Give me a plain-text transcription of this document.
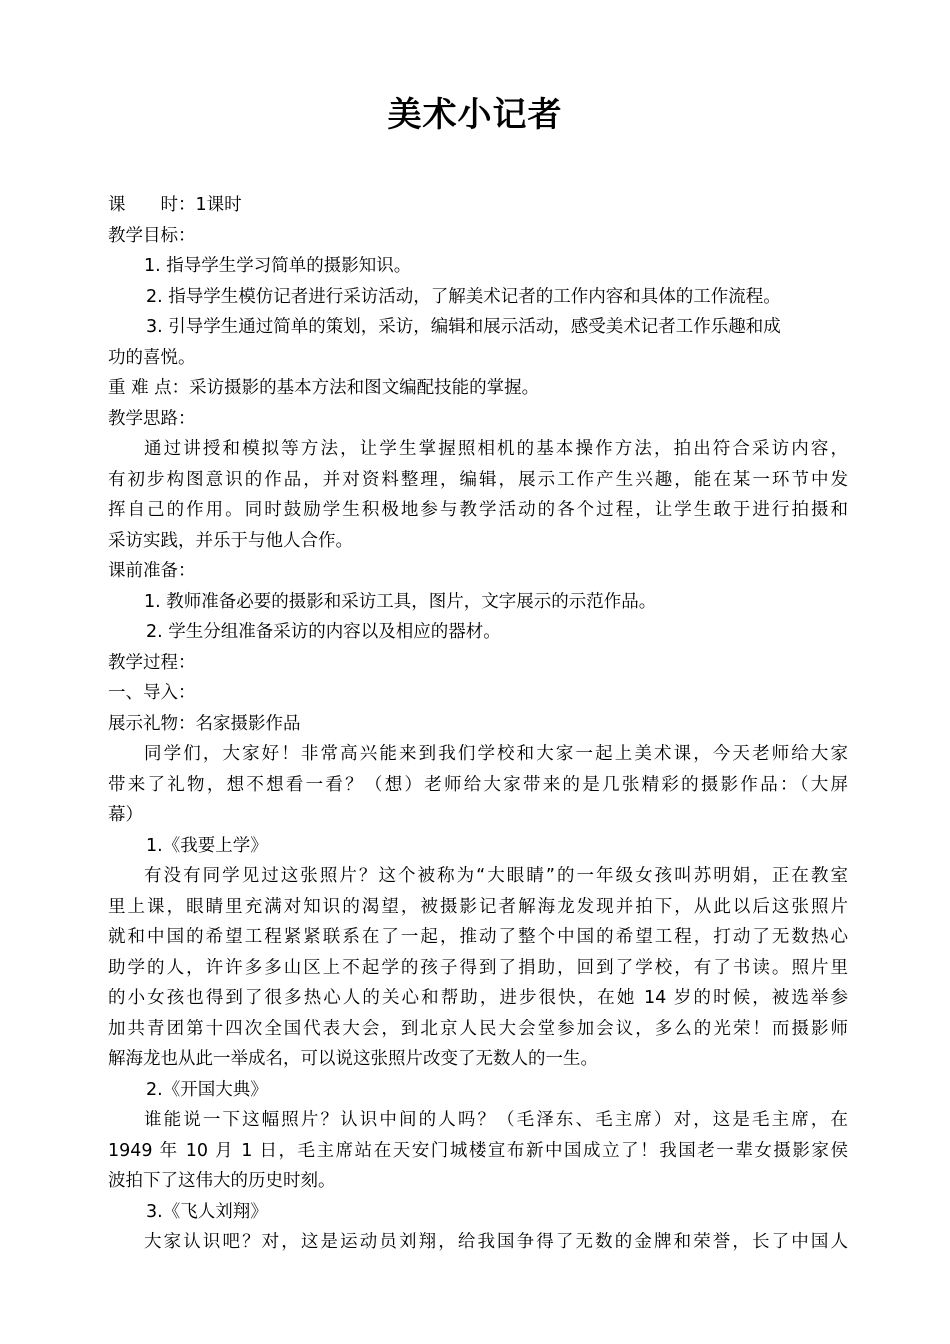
美术小记者
课　　时：1课时
教学目标：
1. 指导学生学习简单的摄影知识。
2. 指导学生模仿记者进行采访活动，了解美术记者的工作内容和具体的工作流程。
3. 引导学生通过简单的策划，采访，编辑和展示活动，感受美术记者工作乐趣和成
功的喜悦。
重 难 点：采访摄影的基本方法和图文编配技能的掌握。
教学思路：
通过讲授和模拟等方法，让学生掌握照相机的基本操作方法，拍出符合采访内容，
有初步构图意识的作品，并对资料整理，编辑，展示工作产生兴趣，能在某一环节中发
挥自己的作用。同时鼓励学生积极地参与教学活动的各个过程，让学生敢于进行拍摄和
采访实践，并乐于与他人合作。
课前准备：
1. 教师准备必要的摄影和采访工具，图片，文字展示的示范作品。
2. 学生分组准备采访的内容以及相应的器材。
教学过程：
一、导入：
展示礼物：名家摄影作品
同学们，大家好！非常高兴能来到我们学校和大家一起上美术课，今天老师给大家
带来了礼物，想不想看一看？（想）老师给大家带来的是几张精彩的摄影作品：（大屏
幕）
1.《我要上学》
有没有同学见过这张照片？这个被称为“大眼睛”的一年级女孩叫苏明娟，正在教室
里上课，眼睛里充满对知识的渴望，被摄影记者解海龙发现并拍下，从此以后这张照片
就和中国的希望工程紧紧联系在了一起，推动了整个中国的希望工程，打动了无数热心
助学的人，许许多多山区上不起学的孩子得到了捐助，回到了学校，有了书读。照片里
的小女孩也得到了很多热心人的关心和帮助，进步很快，在她 14 岁的时候，被选举参
加共青团第十四次全国代表大会，到北京人民大会堂参加会议，多么的光荣！而摄影师
解海龙也从此一举成名，可以说这张照片改变了无数人的一生。
2.《开国大典》
谁能说一下这幅照片？认识中间的人吗？（毛泽东、毛主席）对，这是毛主席，在
1949 年 10 月 1 日，毛主席站在天安门城楼宣布新中国成立了！我国老一辈女摄影家侯
波拍下了这伟大的历史时刻。
3.《飞人刘翔》
大家认识吧？对，这是运动员刘翔，给我国争得了无数的金牌和荣誉，长了中国人
